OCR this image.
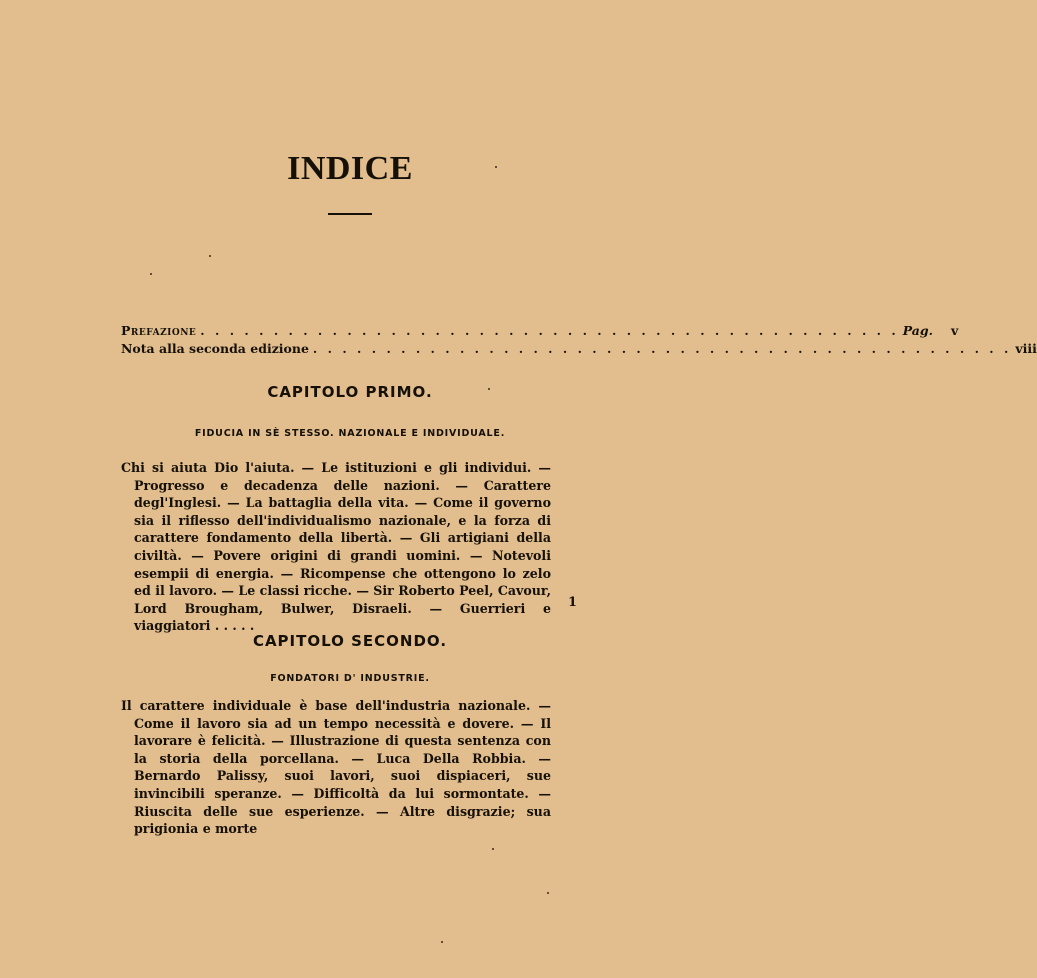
INDICE
Prefazione . . . . . . . . . . . . . . . . . . . . . . . . . . . . . . . . . . . . . . . . . . . . . . . . Pag. v
Nota alla seconda edizione . . . . . . . . . . . . . . . . . . . . . . . . . . . . . . . . . . . . . . . . . . . . . . . . viii
CAPITOLO PRIMO.
FIDUCIA IN SÈ STESSO. NAZIONALE E INDIVIDUALE.

Chi si aiuta Dio l'aiuta. — Le istituzioni e gli individui. — Progresso e decadenza delle nazioni. — Carattere degl'Inglesi. — La battaglia della vita. — Come il governo sia il riflesso dell'individualismo nazionale, e la forza di carattere fondamento della libertà. — Gli artigiani della civiltà. — Povere origini di grandi uomini. — Notevoli esempii di energia. — Ricompense che ottengono lo zelo ed il lavoro. — Le classi ricche. — Sir Roberto Peel, Cavour, Lord Brougham, Bulwer, Disraeli. — Guerrieri e viaggiatori . . . . .

1
CAPITOLO SECONDO.
FONDATORI D' INDUSTRIE.

Il carattere individuale è base dell'industria nazionale. — Come il lavoro sia ad un tempo necessità e dovere. — Il lavorare è felicità. — Illustrazione di questa sentenza con la storia della porcellana. — Luca Della Robbia. — Bernardo Palissy, suoi lavori, suoi dispiaceri, sue invincibili speranze. — Difficoltà da lui sormontate. — Riuscita delle sue esperienze. — Altre disgrazie; sua prigionia e morte
